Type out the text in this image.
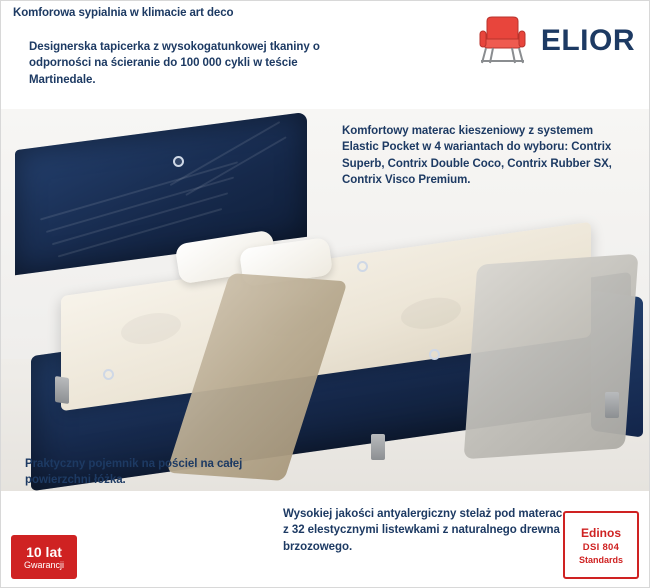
Komforowa sypialnia w klimacie art deco
ELIOR
Designerska tapicerka z wysokogatunkowej tkaniny o odporności na ścieranie do 100 000 cykli w teście Martinedale.
Komfortowy materac kieszeniowy z systemem Elastic Pocket w 4 wariantach do wyboru: Contrix Superb, Contrix Double Coco, Contrix Rubber SX, Contrix Visco Premium.
Praktyczny pojemnik na pościel na całej powierzchni łóżka.
Wysokiej jakości antyalergiczny stelaż pod materac z 32 elestycznymi listewkami z naturalnego drewna brzozowego.
10 lat
Gwarancji
Edinos
DSI 804
Standards
